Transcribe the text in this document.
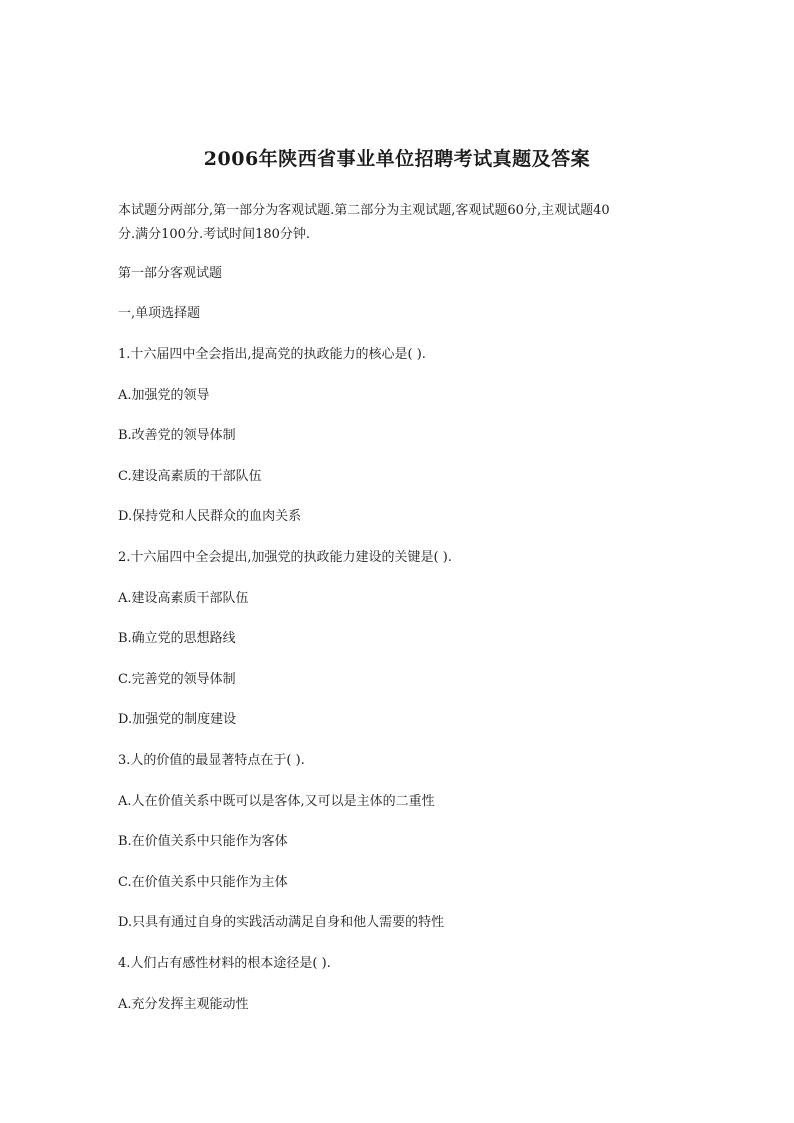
2006年陕西省事业单位招聘考试真题及答案
本试题分两部分,第一部分为客观试题.第二部分为主观试题,客观试题60分,主观试题40
分.满分100分.考试时间180分钟.
第一部分客观试题
一,单项选择题
1.十六届四中全会指出,提高党的执政能力的核心是( ).
A.加强党的领导
B.改善党的领导体制
C.建设高素质的干部队伍
D.保持党和人民群众的血肉关系
2.十六届四中全会提出,加强党的执政能力建设的关键是( ).
A.建设高素质干部队伍
B.确立党的思想路线
C.完善党的领导体制
D.加强党的制度建设
3.人的价值的最显著特点在于( ).
A.人在价值关系中既可以是客体,又可以是主体的二重性
B.在价值关系中只能作为客体
C.在价值关系中只能作为主体
D.只具有通过自身的实践活动满足自身和他人需要的特性
4.人们占有感性材料的根本途径是( ).
A.充分发挥主观能动性
